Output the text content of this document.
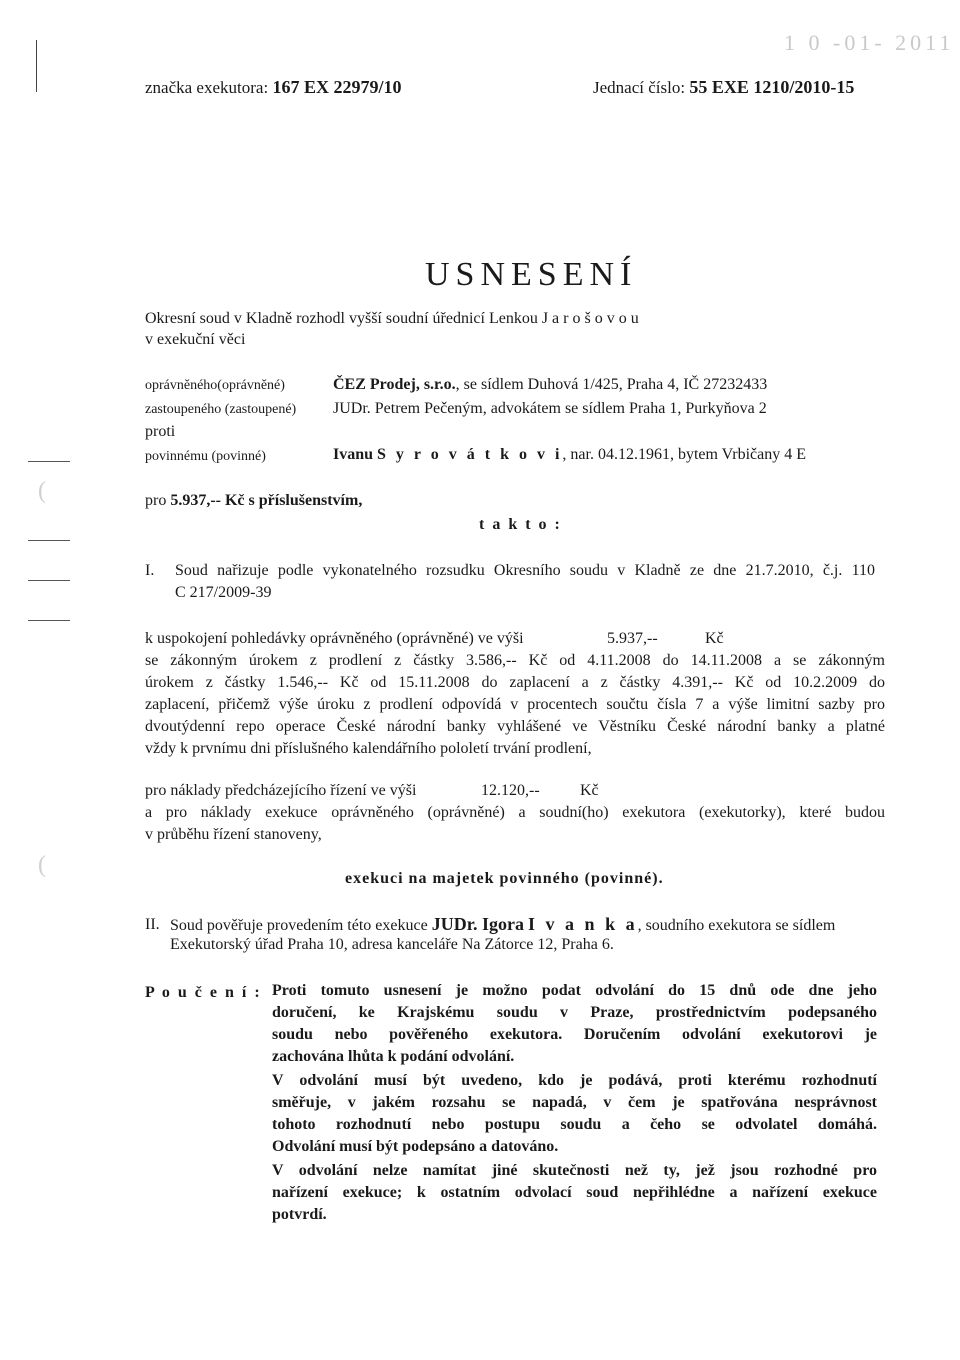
(
(
1 0 -01- 2011
značka exekutora: 167 EX 22979/10	Jednací číslo: 55 EXE 1210/2010-15
USNESENÍ
Okresní soud v Kladně rozhodl vyšší soudní úřednicí Lenkou J a r o š o v o u
v exekuční věci
oprávněného(oprávněné)	ČEZ Prodej, s.r.o., se sídlem Duhová 1/425, Praha 4, IČ 27232433
zastoupeného (zastoupené) JUDr. Petrem Pečeným, advokátem se sídlem Praha 1, Purkyňova 2
proti
povinnému (povinné)	Ivanu S y r o v á t k o v i, nar. 04.12.1961, bytem Vrbičany 4 E
pro 5.937,-- Kč s příslušenstvím,
t a k t o :
I. Soud nařizuje podle vykonatelného rozsudku Okresního soudu v Kladně ze dne 21.7.2010, č.j. 110
C 217/2009-39
k uspokojení pohledávky oprávněného (oprávněné) ve výši	5.937,--	Kč
se zákonným úrokem z prodlení z částky 3.586,-- Kč od 4.11.2008 do 14.11.2008 a se zákonným
úrokem z částky 1.546,-- Kč od 15.11.2008 do zaplacení a z částky 4.391,-- Kč od 10.2.2009 do
zaplacení, přičemž výše úroku z prodlení odpovídá v procentech součtu čísla 7 a výše limitní sazby pro
dvoutýdenní repo operace České národní banky vyhlášené ve Věstníku České národní banky a platné
vždy k prvnímu dni příslušného kalendářního pololetí trvání prodlení,
pro náklady předcházejícího řízení ve výši	12.120,--	Kč
a pro náklady exekuce oprávněného (oprávněné) a soudní(ho) exekutora (exekutorky), které budou
v průběhu řízení stanoveny,
exekuci na majetek povinného (povinné).
II. Soud pověřuje provedením této exekuce JUDr. Igora I v a n k a, soudního exekutora se sídlem
Exekutorský úřad Praha 10, adresa kanceláře Na Zátorce 12, Praha 6.
P o u č e n í : Proti tomuto usnesení je možno podat odvolání do 15 dnů ode dne jeho
doručení, ke Krajskému soudu v Praze, prostřednictvím podepsaného
soudu nebo pověřeného exekutora. Doručením odvolání exekutorovi je
zachována lhůta k podání odvolání.
V odvolání musí být uvedeno, kdo je podává, proti kterému rozhodnutí
směřuje, v jakém rozsahu se napadá, v čem je spatřována nesprávnost
tohoto rozhodnutí nebo postupu soudu a čeho se odvolatel domáhá.
Odvolání musí být podepsáno a datováno.
V odvolání nelze namítat jiné skutečnosti než ty, jež jsou rozhodné pro
nařízení exekuce; k ostatním odvolací soud nepřihlédne a nařízení exekuce
potvrdí.
